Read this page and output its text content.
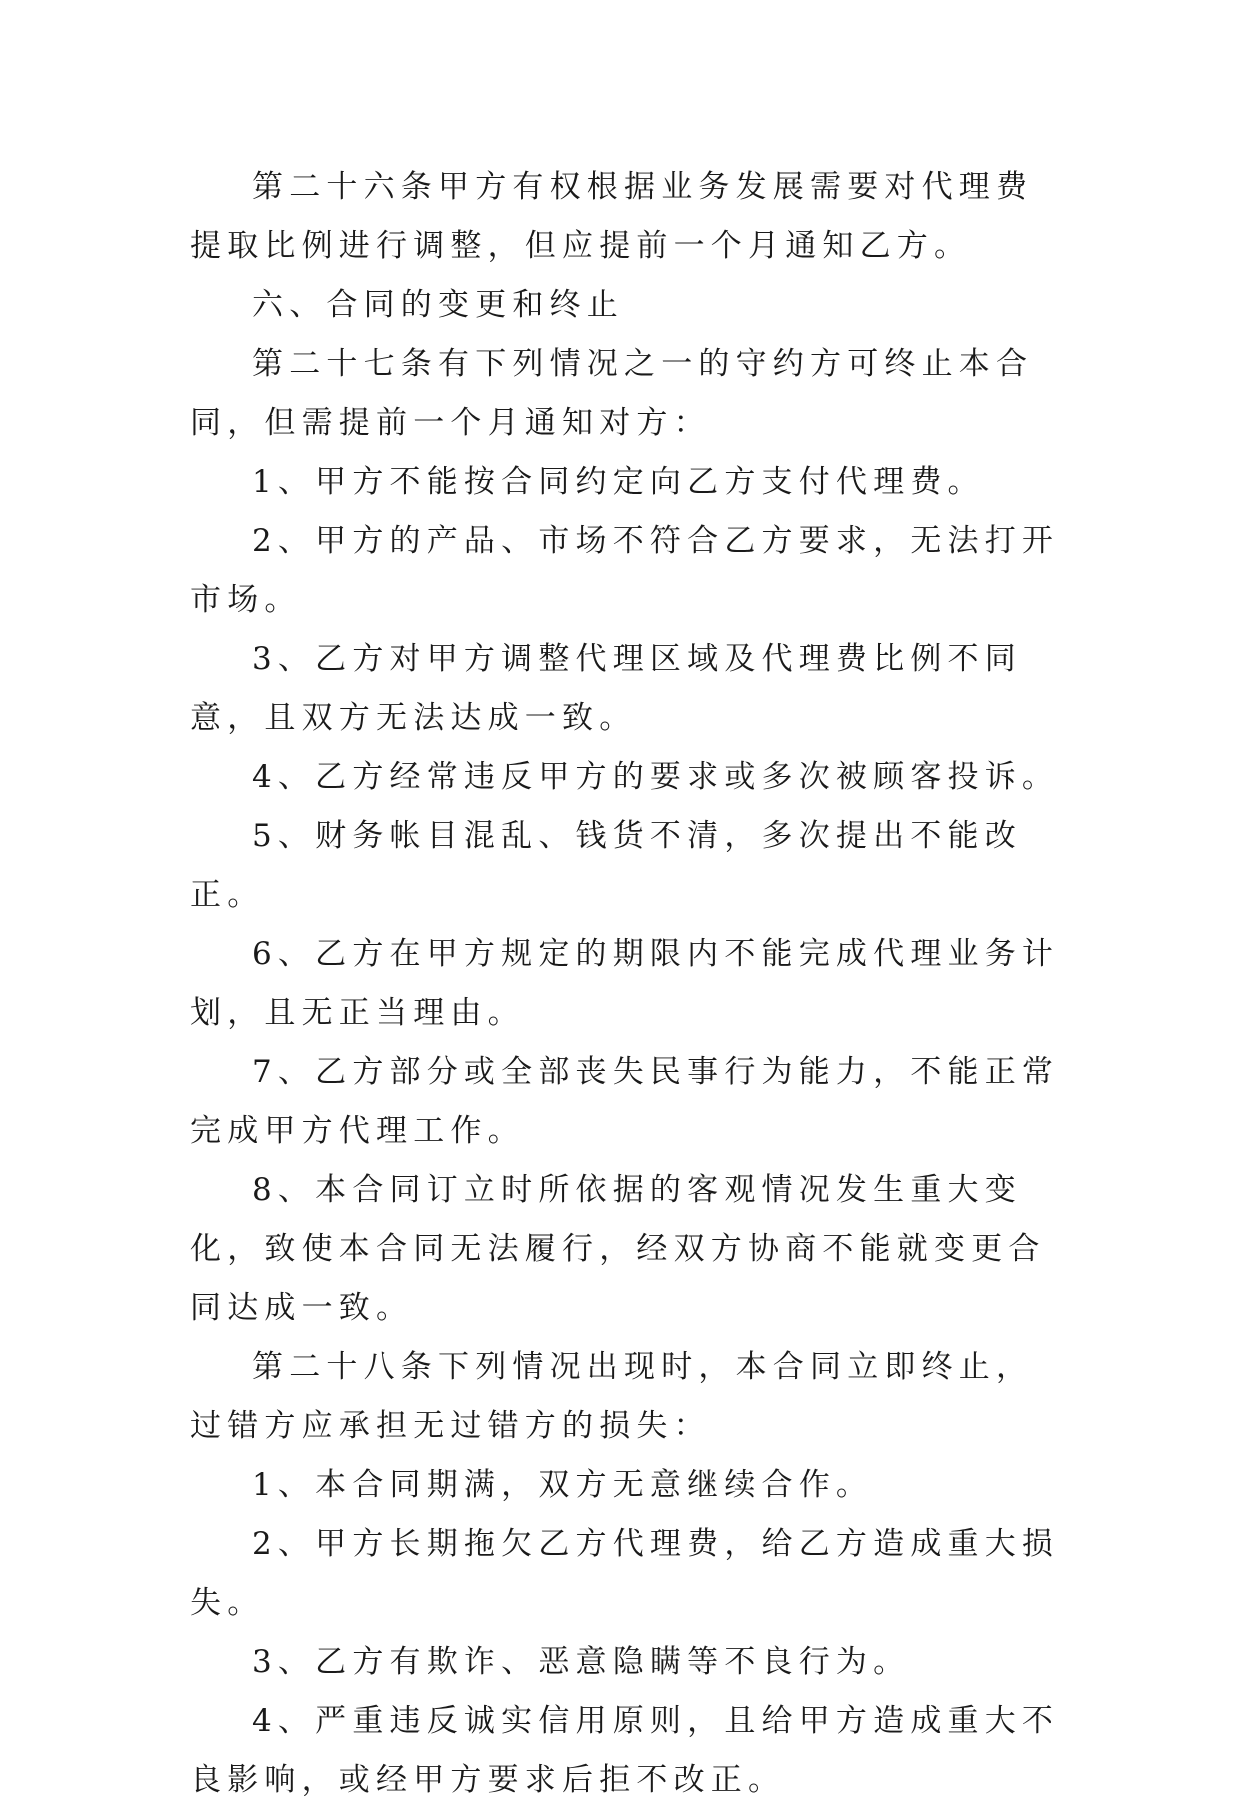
第二十六条甲方有权根据业务发展需要对代理费提取比例进行调整，但应提前一个月通知乙方。

六、合同的变更和终止

第二十七条有下列情况之一的守约方可终止本合同，但需提前一个月通知对方：

1、甲方不能按合同约定向乙方支付代理费。

2、甲方的产品、市场不符合乙方要求，无法打开市场。

3、乙方对甲方调整代理区域及代理费比例不同意，且双方无法达成一致。

4、乙方经常违反甲方的要求或多次被顾客投诉。

5、财务帐目混乱、钱货不清，多次提出不能改正。

6、乙方在甲方规定的期限内不能完成代理业务计划，且无正当理由。

7、乙方部分或全部丧失民事行为能力，不能正常完成甲方代理工作。

8、本合同订立时所依据的客观情况发生重大变化，致使本合同无法履行，经双方协商不能就变更合同达成一致。

第二十八条下列情况出现时，本合同立即终止，过错方应承担无过错方的损失：

1、本合同期满，双方无意继续合作。

2、甲方长期拖欠乙方代理费，给乙方造成重大损失。

3、乙方有欺诈、恶意隐瞒等不良行为。

4、严重违反诚实信用原则，且给甲方造成重大不良影响，或经甲方要求后拒不改正。
